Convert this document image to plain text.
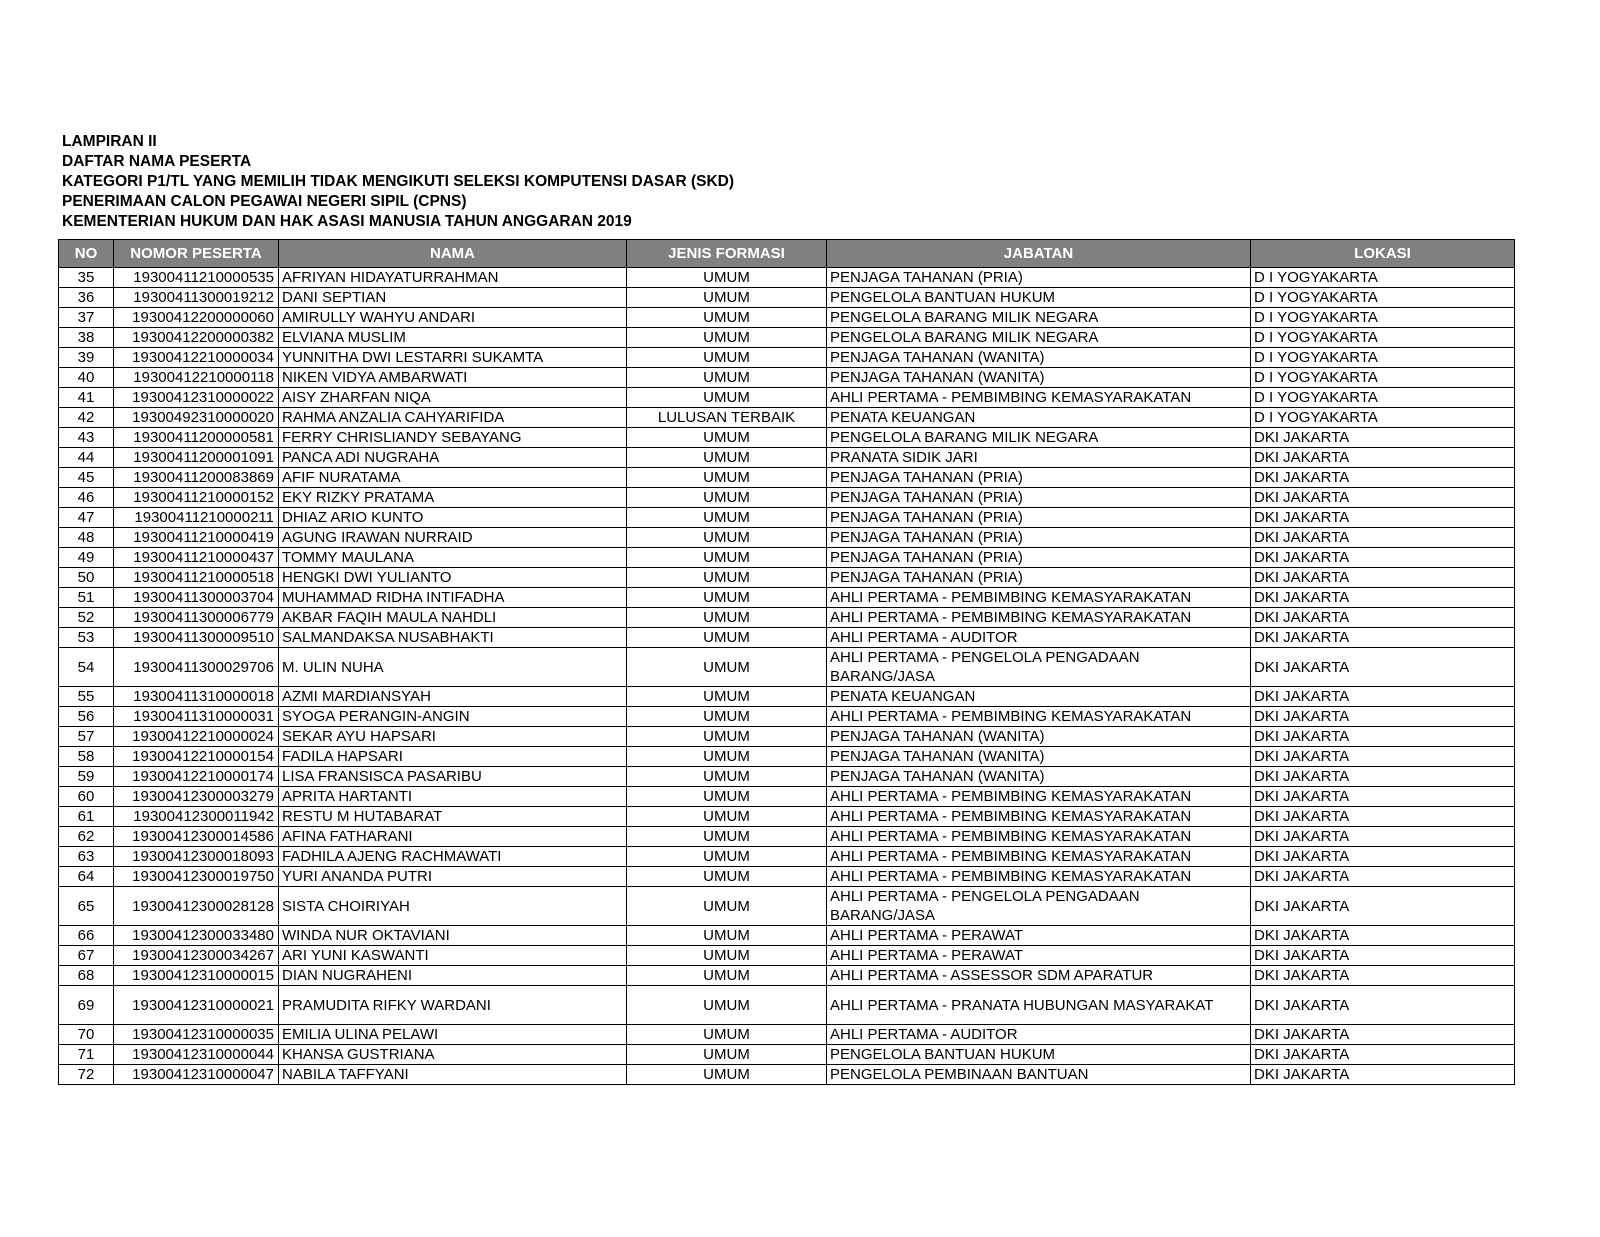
LAMPIRAN II
DAFTAR NAMA PESERTA
KATEGORI P1/TL YANG MEMILIH TIDAK MENGIKUTI SELEKSI KOMPUTENSI DASAR (SKD)
PENERIMAAN CALON PEGAWAI NEGERI SIPIL (CPNS)
KEMENTERIAN HUKUM DAN HAK ASASI MANUSIA TAHUN ANGGARAN 2019
NO	NOMOR PESERTA	NAMA	JENIS FORMASI	JABATAN	LOKASI
35	19300411210000535	AFRIYAN HIDAYATURRAHMAN	UMUM	PENJAGA TAHANAN (PRIA)	D I YOGYAKARTA
36	19300411300019212	DANI SEPTIAN	UMUM	PENGELOLA BANTUAN HUKUM	D I YOGYAKARTA
37	19300412200000060	AMIRULLY WAHYU ANDARI	UMUM	PENGELOLA BARANG MILIK NEGARA	D I YOGYAKARTA
38	19300412200000382	ELVIANA MUSLIM	UMUM	PENGELOLA BARANG MILIK NEGARA	D I YOGYAKARTA
39	19300412210000034	YUNNITHA DWI LESTARRI SUKAMTA	UMUM	PENJAGA TAHANAN (WANITA)	D I YOGYAKARTA
40	19300412210000118	NIKEN VIDYA AMBARWATI	UMUM	PENJAGA TAHANAN (WANITA)	D I YOGYAKARTA
41	19300412310000022	AISY ZHARFAN NIQA	UMUM	AHLI PERTAMA - PEMBIMBING KEMASYARAKATAN	D I YOGYAKARTA
42	19300492310000020	RAHMA ANZALIA CAHYARIFIDA	LULUSAN TERBAIK	PENATA KEUANGAN	D I YOGYAKARTA
43	19300411200000581	FERRY CHRISLIANDY SEBAYANG	UMUM	PENGELOLA BARANG MILIK NEGARA	DKI JAKARTA
44	19300411200001091	PANCA ADI NUGRAHA	UMUM	PRANATA SIDIK JARI	DKI JAKARTA
45	19300411200083869	AFIF NURATAMA	UMUM	PENJAGA TAHANAN (PRIA)	DKI JAKARTA
46	19300411210000152	EKY RIZKY PRATAMA	UMUM	PENJAGA TAHANAN (PRIA)	DKI JAKARTA
47	19300411210000211	DHIAZ ARIO KUNTO	UMUM	PENJAGA TAHANAN (PRIA)	DKI JAKARTA
48	19300411210000419	AGUNG IRAWAN NURRAID	UMUM	PENJAGA TAHANAN (PRIA)	DKI JAKARTA
49	19300411210000437	TOMMY MAULANA	UMUM	PENJAGA TAHANAN (PRIA)	DKI JAKARTA
50	19300411210000518	HENGKI DWI YULIANTO	UMUM	PENJAGA TAHANAN (PRIA)	DKI JAKARTA
51	19300411300003704	MUHAMMAD RIDHA INTIFADHA	UMUM	AHLI PERTAMA - PEMBIMBING KEMASYARAKATAN	DKI JAKARTA
52	19300411300006779	AKBAR FAQIH MAULA NAHDLI	UMUM	AHLI PERTAMA - PEMBIMBING KEMASYARAKATAN	DKI JAKARTA
53	19300411300009510	SALMANDAKSA NUSABHAKTI	UMUM	AHLI PERTAMA - AUDITOR	DKI JAKARTA
54	19300411300029706	M. ULIN NUHA	UMUM	AHLI PERTAMA - PENGELOLA PENGADAAN BARANG/JASA	DKI JAKARTA
55	19300411310000018	AZMI MARDIANSYAH	UMUM	PENATA KEUANGAN	DKI JAKARTA
56	19300411310000031	SYOGA PERANGIN-ANGIN	UMUM	AHLI PERTAMA - PEMBIMBING KEMASYARAKATAN	DKI JAKARTA
57	19300412210000024	SEKAR AYU HAPSARI	UMUM	PENJAGA TAHANAN (WANITA)	DKI JAKARTA
58	19300412210000154	FADILA HAPSARI	UMUM	PENJAGA TAHANAN (WANITA)	DKI JAKARTA
59	19300412210000174	LISA FRANSISCA PASARIBU	UMUM	PENJAGA TAHANAN (WANITA)	DKI JAKARTA
60	19300412300003279	APRITA HARTANTI	UMUM	AHLI PERTAMA - PEMBIMBING KEMASYARAKATAN	DKI JAKARTA
61	19300412300011942	RESTU M HUTABARAT	UMUM	AHLI PERTAMA - PEMBIMBING KEMASYARAKATAN	DKI JAKARTA
62	19300412300014586	AFINA FATHARANI	UMUM	AHLI PERTAMA - PEMBIMBING KEMASYARAKATAN	DKI JAKARTA
63	19300412300018093	FADHILA AJENG RACHMAWATI	UMUM	AHLI PERTAMA - PEMBIMBING KEMASYARAKATAN	DKI JAKARTA
64	19300412300019750	YURI ANANDA PUTRI	UMUM	AHLI PERTAMA - PEMBIMBING KEMASYARAKATAN	DKI JAKARTA
65	19300412300028128	SISTA CHOIRIYAH	UMUM	AHLI PERTAMA - PENGELOLA PENGADAAN BARANG/JASA	DKI JAKARTA
66	19300412300033480	WINDA NUR OKTAVIANI	UMUM	AHLI PERTAMA - PERAWAT	DKI JAKARTA
67	19300412300034267	ARI YUNI KASWANTI	UMUM	AHLI PERTAMA - PERAWAT	DKI JAKARTA
68	19300412310000015	DIAN NUGRAHENI	UMUM	AHLI PERTAMA - ASSESSOR SDM APARATUR	DKI JAKARTA
69	19300412310000021	PRAMUDITA RIFKY WARDANI	UMUM	AHLI PERTAMA - PRANATA HUBUNGAN MASYARAKAT	DKI JAKARTA
70	19300412310000035	EMILIA ULINA PELAWI	UMUM	AHLI PERTAMA - AUDITOR	DKI JAKARTA
71	19300412310000044	KHANSA GUSTRIANA	UMUM	PENGELOLA BANTUAN HUKUM	DKI JAKARTA
72	19300412310000047	NABILA TAFFYANI	UMUM	PENGELOLA PEMBINAAN BANTUAN	DKI JAKARTA
